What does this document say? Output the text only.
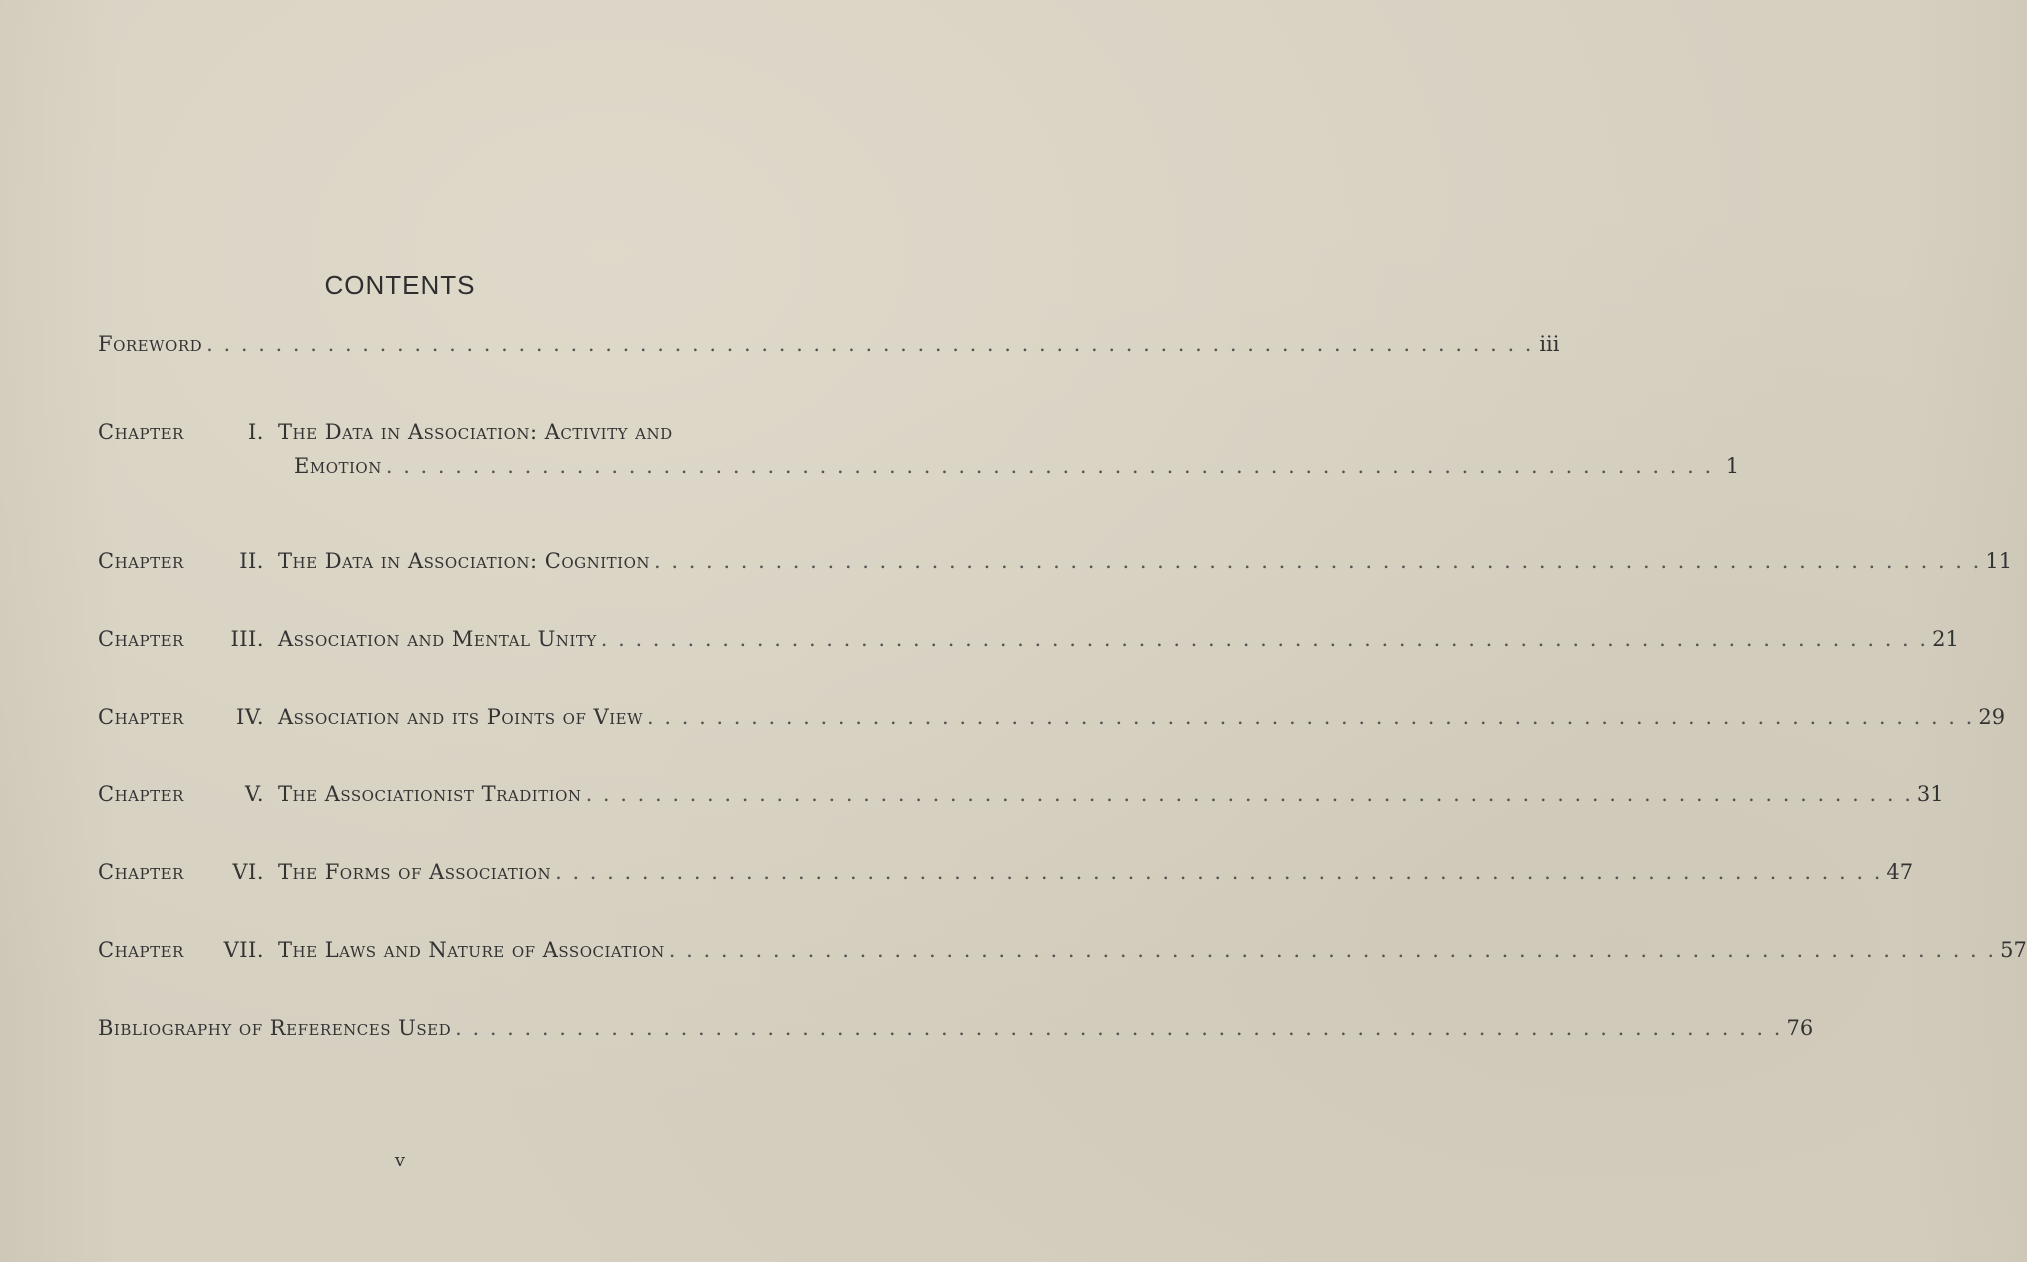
CONTENTS
Foreword . . .	iii
Chapter	I. The Data in Association: Activity and
Emotion . . .	1
Chapter	II. The Data in Association: Cognition . . .	11
Chapter III. Association and Mental Unity . . .	21
Chapter IV. Association and its Points of View . . .	29
Chapter	V. The Associationist Tradition . . .	31
Chapter VI. The Forms of Association . . .	47
Chapter VII. The Laws and Nature of Association . . .	57
Bibliography of References Used . . .	76
v
